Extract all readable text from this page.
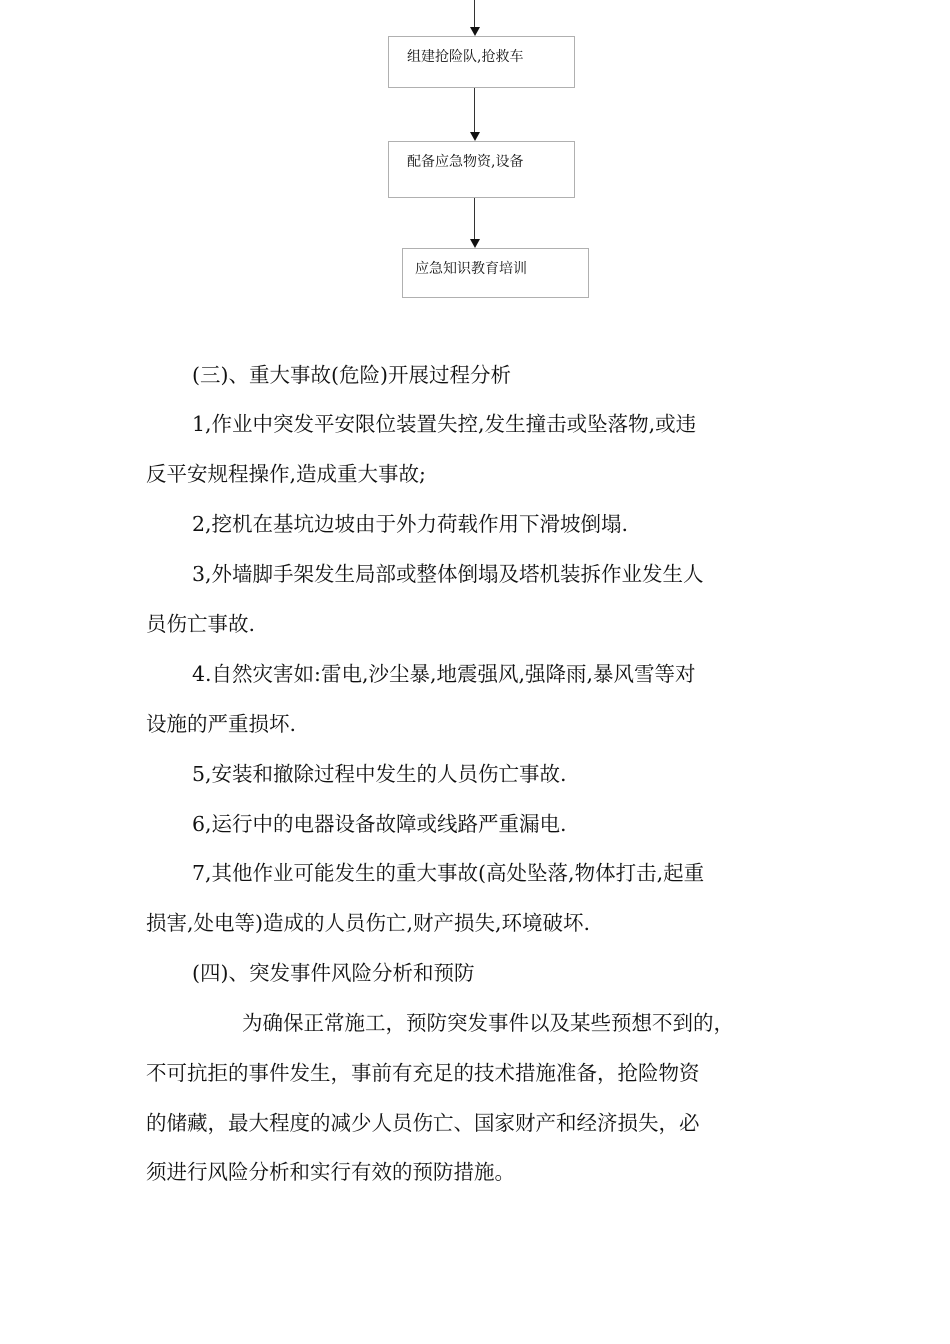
组建抢险队,抢救车
配备应急物资,设备
应急知识教育培训
(三)、重大事故(危险)开展过程分析
1,作业中突发平安限位装置失控,发生撞击或坠落物,或违
反平安规程操作,造成重大事故;
2,挖机在基坑边坡由于外力荷载作用下滑坡倒塌.
3,外墙脚手架发生局部或整体倒塌及塔机装拆作业发生人
员伤亡事故.
4.自然灾害如:雷电,沙尘暴,地震强风,强降雨,暴风雪等对
设施的严重损坏.
5,安装和撤除过程中发生的人员伤亡事故.
6,运行中的电器设备故障或线路严重漏电.
7,其他作业可能发生的重大事故(高处坠落,物体打击,起重
损害,处电等)造成的人员伤亡,财产损失,环境破坏.
(四)、突发事件风险分析和预防
为确保正常施工，预防突发事件以及某些预想不到的，
不可抗拒的事件发生，事前有充足的技术措施准备，抢险物资
的储藏，最大程度的减少人员伤亡、国家财产和经济损失，必
须进行风险分析和实行有效的预防措施。
